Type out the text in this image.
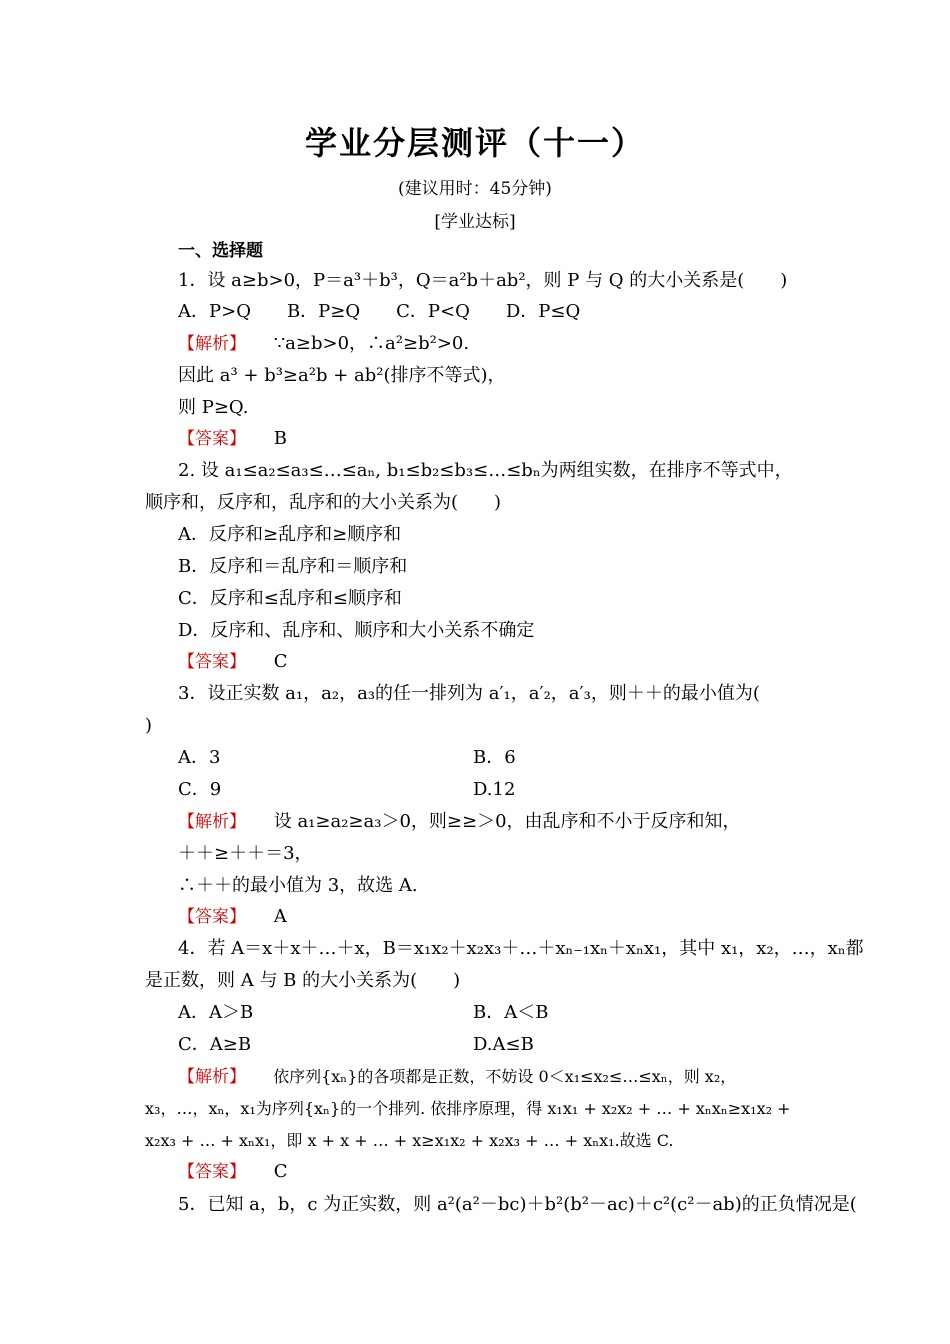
学业分层测评（十一）
(建议用时：45分钟)
[学业达标]
一、选择题
1．设 a≥b>0，P＝a³＋b³，Q＝a²b＋ab²，则 P 与 Q 的大小关系是(　　)
A．P>Q　　B．P≥Q　　C．P<Q　　D．P≤Q
【解析】 ∵a≥b>0，∴a²≥b²>0.
因此 a³ + b³≥a²b + ab²(排序不等式)，
则 P≥Q.
【答案】 B
2. 设 a₁≤a₂≤a₃≤…≤aₙ, b₁≤b₂≤b₃≤…≤bₙ为两组实数，在排序不等式中，
顺序和，反序和，乱序和的大小关系为(　　)
A．反序和≥乱序和≥顺序和
B．反序和＝乱序和＝顺序和
C．反序和≤乱序和≤顺序和
D．反序和、乱序和、顺序和大小关系不确定
【答案】 C
3．设正实数 a₁，a₂，a₃的任一排列为 a′₁，a′₂，a′₃，则＋＋的最小值为(
)
A．3	B．6
C．9	D.12
【解析】 设 a₁≥a₂≥a₃＞0，则≥≥＞0，由乱序和不小于反序和知，
＋＋≥＋＋＝3，
∴＋＋的最小值为 3，故选 A.
【答案】 A
4．若 A＝x＋x＋…＋x，B＝x₁x₂＋x₂x₃＋…＋xₙ₋₁xₙ＋xₙx₁，其中 x₁，x₂，…，xₙ都
是正数，则 A 与 B 的大小关系为(　　)
A．A＞B	B．A＜B
C．A≥B	D.A≤B
【解析】 依序列{xₙ}的各项都是正数，不妨设 0＜x₁≤x₂≤…≤xₙ，则 x₂，
x₃，…，xₙ，x₁为序列{xₙ}的一个排列. 依排序原理，得 x₁x₁ + x₂x₂ + … + xₙxₙ≥x₁x₂ +
x₂x₃ + … + xₙx₁，即 x + x + … + x≥x₁x₂ + x₂x₃ + … + xₙx₁.故选 C.
【答案】 C
5．已知 a，b，c 为正实数，则 a²(a²－bc)＋b²(b²－ac)＋c²(c²－ab)的正负情况是(
